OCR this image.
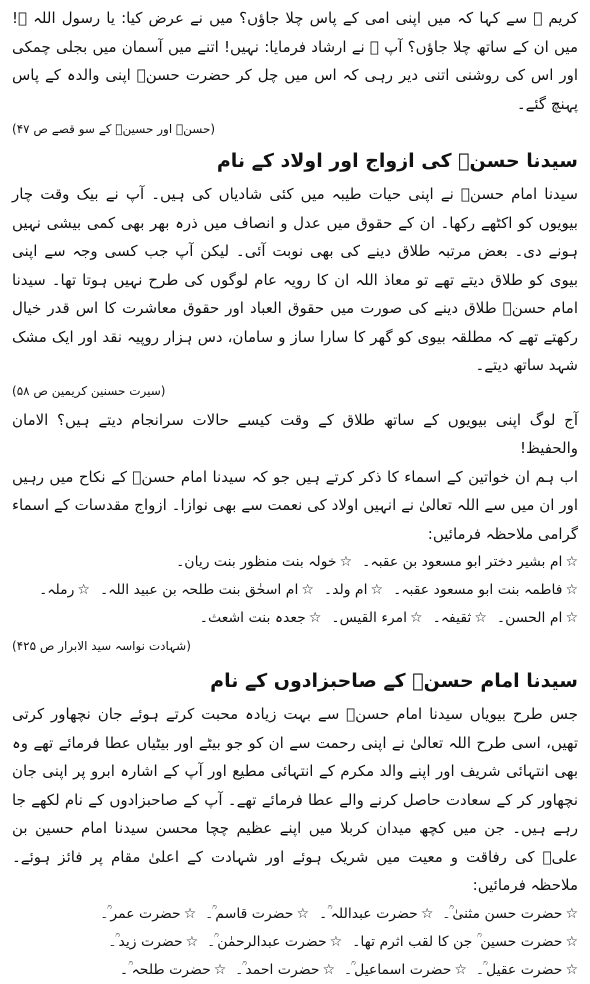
کریم ﷺ سے کہا کہ میں اپنی امی کے پاس چلا جاؤں؟ میں نے عرض کیا: یا رسول اللہ ﷺ! میں ان کے ساتھ چلا جاؤں؟ آپ ﷺ نے ارشاد فرمایا: نہیں! اتنے میں آسمان میں بجلی چمکی اور اس کی روشنی اتنی دیر رہی کہ اس میں چل کر حضرت حسنؓ اپنی والدہ کے پاس پہنچ گئے۔

(حسنؓ اور حسینؓ کے سو قصے ص ۴۷)
سیدنا حسنؓ کی ازواج اور اولاد کے نام

سیدنا امام حسنؓ نے اپنی حیات طیبہ میں کئی شادیاں کی ہیں۔ آپ نے بیک وقت چار بیویوں کو اکٹھے رکھا۔ ان کے حقوق میں عدل و انصاف میں ذرہ بھر بھی کمی بیشی نہیں ہونے دی۔ بعض مرتبہ طلاق دینے کی بھی نوبت آئی۔ لیکن آپ جب کسی وجہ سے اپنی بیوی کو طلاق دیتے تھے تو معاذ اللہ ان کا رویہ عام لوگوں کی طرح نہیں ہوتا تھا۔ سیدنا امام حسنؓ طلاق دینے کی صورت میں حقوق العباد اور حقوق معاشرت کا اس قدر خیال رکھتے تھے کہ مطلقہ بیوی کو گھر کا سارا ساز و سامان، دس ہزار روپیہ نقد اور ایک مشک شہد ساتھ دیتے۔

(سیرت حسنین کریمین ص ۵۸)

آج لوگ اپنی بیویوں کے ساتھ طلاق کے وقت کیسے حالات سرانجام دیتے ہیں؟ الامان والحفیظ!

اب ہم ان خواتین کے اسماء کا ذکر کرتے ہیں جو کہ سیدنا امام حسنؓ کے نکاح میں رہیں اور ان میں سے اللہ تعالیٰ نے انہیں اولاد کی نعمت سے بھی نوازا۔ ازواج مقدسات کے اسماء گرامی ملاحظہ فرمائیں:

☆ام بشیر دختر ابو مسعود بن عقبہ۔
☆خولہ بنت منظور بنت ریان۔
☆فاطمہ بنت ابو مسعود عقبہ۔
☆ام ولد۔
☆ام اسحٰق بنت طلحہ بن عبید اللہ۔
☆رملہ۔
☆ام الحسن۔
☆ثقیفہ۔
☆امرء القیس۔
☆جعدہ بنت اشعث۔
(شہادت نواسہ سید الابرار ص ۴۲۵)
سیدنا امام حسنؓ کے صاحبزادوں کے نام

جس طرح بیویاں سیدنا امام حسنؓ سے بہت زیادہ محبت کرتے ہوئے جان نچھاور کرتی تھیں، اسی طرح اللہ تعالیٰ نے اپنی رحمت سے ان کو جو بیٹے اور بیٹیاں عطا فرمائے تھے وہ بھی انتہائی شریف اور اپنے والد مکرم کے انتہائی مطیع اور آپ کے اشارہ ابرو پر اپنی جان نچھاور کر کے سعادت حاصل کرنے والے عطا فرمائے تھے۔ آپ کے صاحبزادوں کے نام لکھے جا رہے ہیں۔ جن میں کچھ میدان کربلا میں اپنے عظیم چچا محسن سیدنا امام حسین بن علیؓ کی رفاقت و معیت میں شریک ہوئے اور شہادت کے اعلیٰ مقام پر فائز ہوئے۔ ملاحظہ فرمائیں:

☆حضرت حسن مثنیٰ ؒ۔
☆حضرت عبداللہ ؒ۔
☆حضرت قاسم ؒ۔
☆حضرت عمر ؒ۔
☆حضرت حسین ؒ جن کا لقب اثرم تھا۔
☆حضرت عبدالرحمٰن ؒ۔
☆حضرت زید ؒ۔
☆حضرت عقیل ؒ۔
☆حضرت اسماعیل ؒ۔
☆حضرت احمد ؒ۔
☆حضرت طلحہ ؒ۔
